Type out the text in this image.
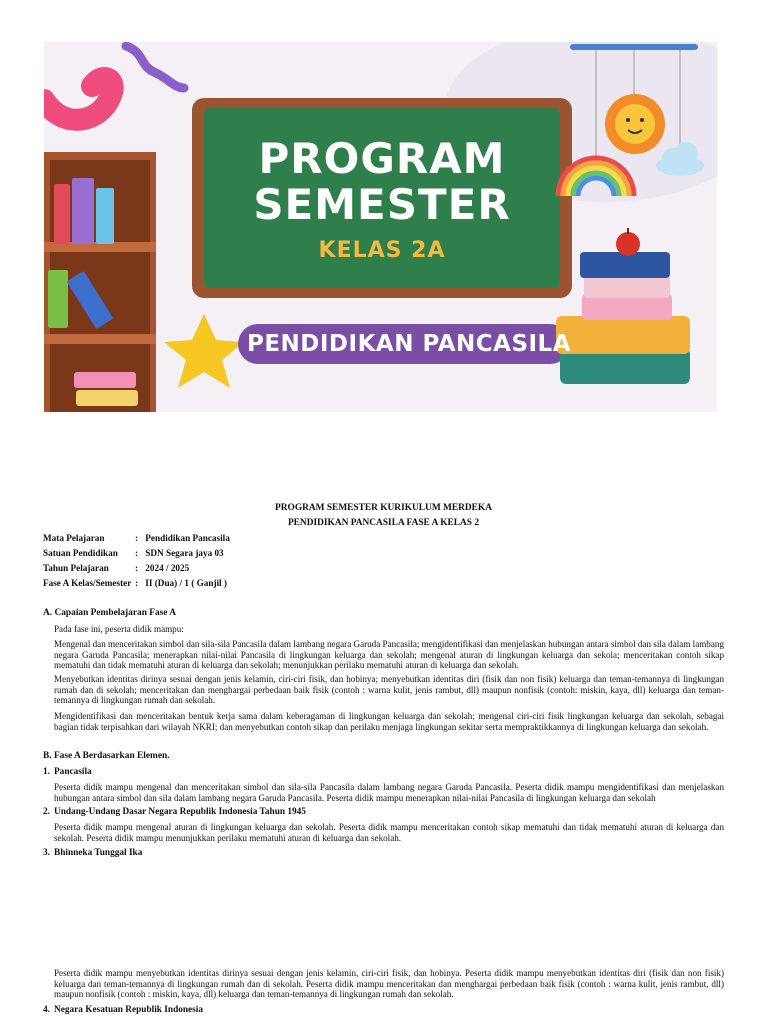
PROGRAM
SEMESTER
KELAS 2A
PENDIDIKAN PANCASILA
PROGRAM SEMESTER KURIKULUM MERDEKA
PENDIDIKAN PANCASILA FASE A KELAS 2
Mata Pelajaran	: Pendidikan Pancasila
Satuan Pendidikan : SDN Segara jaya 03
Tahun Pelajaran	: 2024 / 2025
Fase A Kelas/Semester : II (Dua) / 1 ( Ganjil )
A. Capaian Pembelajaran Fase A
Pada fase ini, peserta didik mampu:
Mengenal dan menceritakan simbol dan sila-sila Pancasila dalam lambang negara Garuda Pancasila; mengidentifikasi dan menjelaskan hubungan antara simbol dan sila dalam lambang negara Garuda Pancasila; menerapkan nilai-nilai Pancasila di lingkungan keluarga dan sekolah; mengenal aturan di lingkungan keluarga dan sekola; menceritakan contoh sikap mematuhi dan tidak mematuhi aturan di keluarga dan sekolah; menunjukkan perilaku mematuhi aturan di keluarga dan sekolah.
Menyebutkan identitas dirinya sesuai dengan jenis kelamin, ciri-ciri fisik, dan hobinya; menyebutkan identitas diri (fisik dan non fisik) keluarga dan teman-temannya di lingkungan rumah dan di sekolah; menceritakan dan menghargai perbedaan baik fisik (contoh : warna kulit, jenis rambut, dll) maupun nonfisik (contoh: miskin, kaya, dll) keluarga dan teman-temannya di lingkungan rumah dan sekolah.
Mengidentifikasi dan menceritakan bentuk kerja sama dalam keberagaman di lingkungan keluarga dan sekolah; mengenal ciri-ciri fisik lingkungan keluarga dan sekolah, sebagai bagian tidak terpisahkan dari wilayah NKRI; dan menyebutkan contoh sikap dan perilaku menjaga lingkungan sekitar serta mempraktikkannya di lingkungan keluarga dan sekolah.
B. Fase A Berdasarkan Elemen.
1. Pancasila
Peserta didik mampu mengenal dan menceritakan simbol dan sila-sila Pancasila dalam lambang negara Garuda Pancasila. Peserta didik mampu mengidentifikasi dan menjelaskan hubungan antara simbol dan sila dalam lambang negara Garuda Pancasila. Peserta didik mampu menerapkan nilai-nilai Pancasila di lingkungan keluarga dan sekolah
2. Undang-Undang Dasar Negara Republik Indonesia Tahun 1945
Peserta didik mampu mengenal aturan di lingkungan keluarga dan sekolah. Peserta didik mampu menceritakan contoh sikap mematuhi dan tidak mematuhi aturan di keluarga dan sekolah. Peserta didik mampu menunjukkan perilaku mematuhi aturan di keluarga dan sekolah.
3. Bhinneka Tunggal Ika
Peserta didik mampu menyebutkan identitas dirinya sesuai dengan jenis kelamin, ciri-ciri fisik, dan hobinya. Peserta didik mampu menyebutkan identitas diri (fisik dan non fisik) keluarga dan teman-temannya di lingkungan rumah dan di sekolah. Peserta didik mampu menceritakan dan menghargai perbedaan baik fisik (contoh : warna kulit, jenis rambut, dll) maupun nonfisik (contoh : miskin, kaya, dll) keluarga dan teman-temannya di lingkungan rumah dan sekolah.
4. Negara Kesatuan Republik Indonesia
